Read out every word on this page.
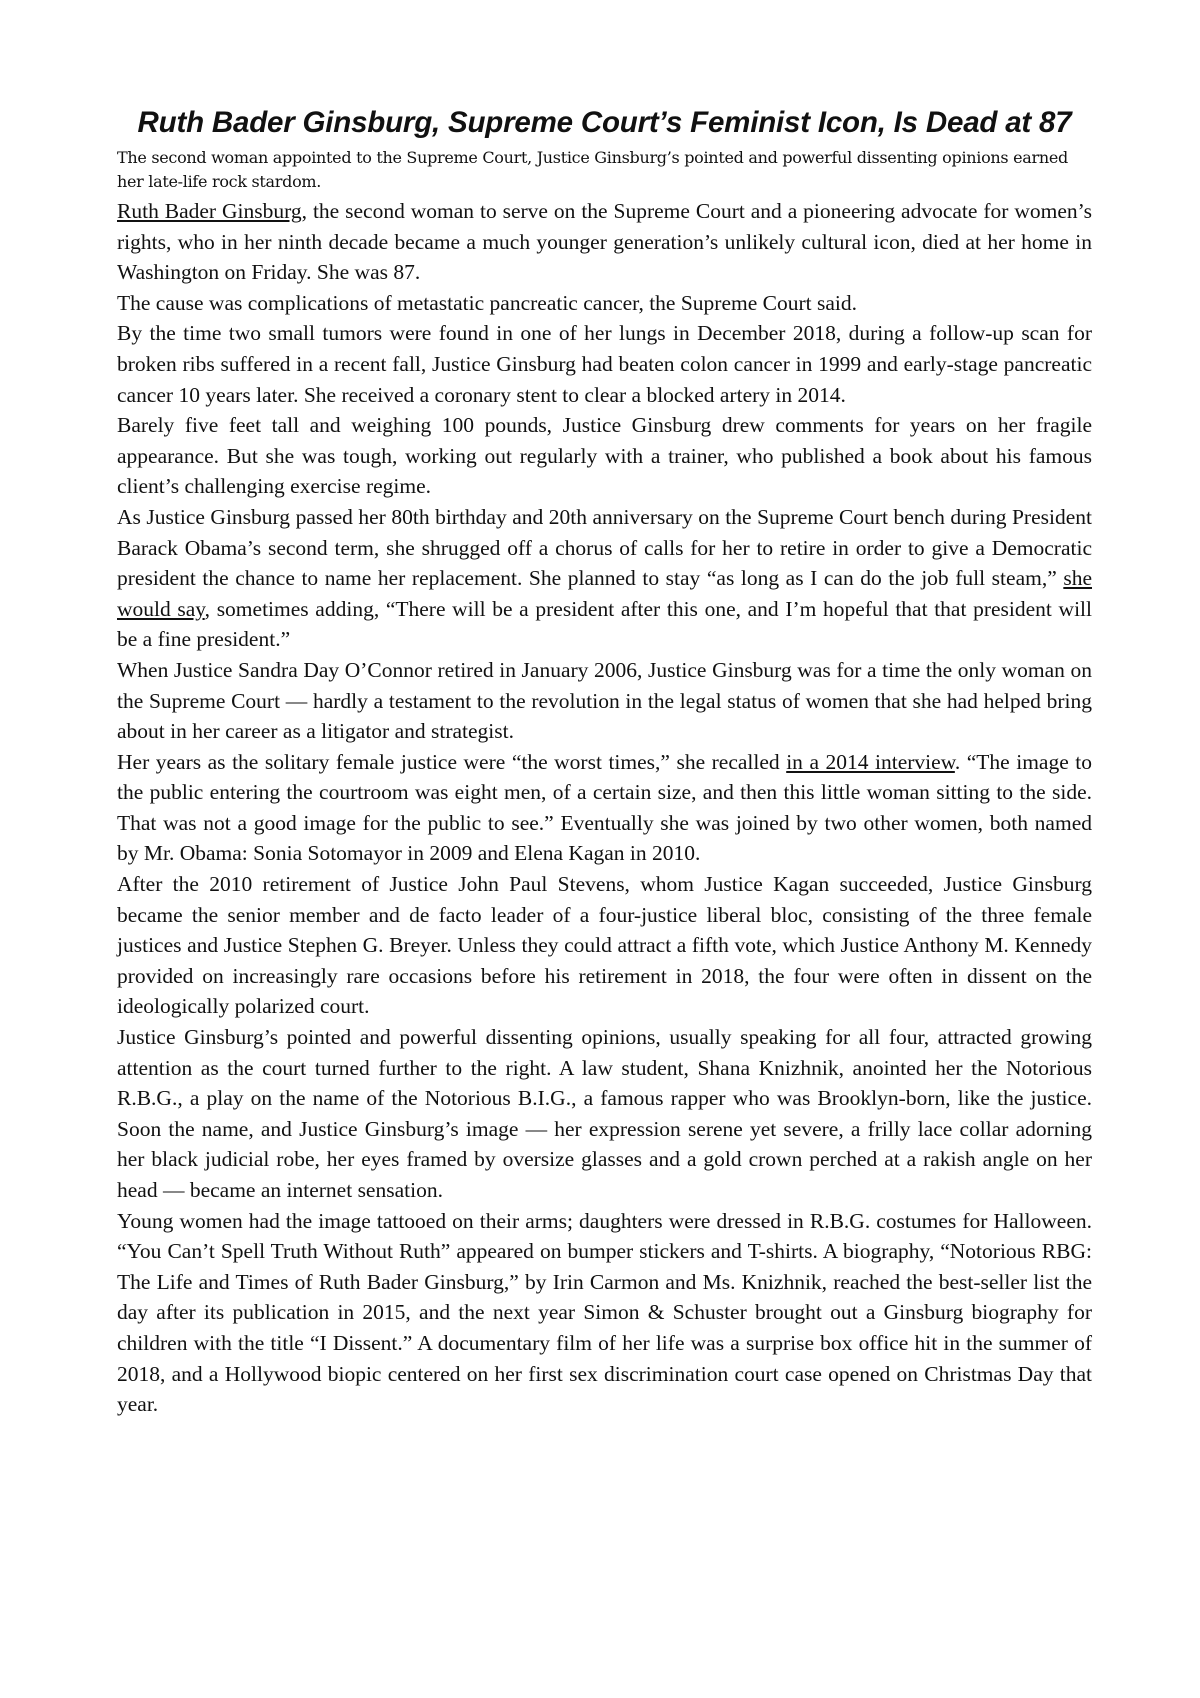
Ruth Bader Ginsburg, Supreme Court’s Feminist Icon, Is Dead at 87
The second woman appointed to the Supreme Court, Justice Ginsburg’s pointed and powerful dissenting opinions earned her late-life rock stardom.

Ruth Bader Ginsburg, the second woman to serve on the Supreme Court and a pioneering advocate for women’s rights, who in her ninth decade became a much younger generation’s unlikely cultural icon, died at her home in Washington on Friday. She was 87.

The cause was complications of metastatic pancreatic cancer, the Supreme Court said.

By the time two small tumors were found in one of her lungs in December 2018, during a follow-up scan for broken ribs suffered in a recent fall, Justice Ginsburg had beaten colon cancer in 1999 and early-stage pancreatic cancer 10 years later. She received a coronary stent to clear a blocked artery in 2014.

Barely five feet tall and weighing 100 pounds, Justice Ginsburg drew comments for years on her fragile appearance. But she was tough, working out regularly with a trainer, who published a book about his famous client’s challenging exercise regime.

As Justice Ginsburg passed her 80th birthday and 20th anniversary on the Supreme Court bench during President Barack Obama’s second term, she shrugged off a chorus of calls for her to retire in order to give a Democratic president the chance to name her replacement. She planned to stay “as long as I can do the job full steam,” she would say, sometimes adding, “There will be a president after this one, and I’m hopeful that that president will be a fine president.”

When Justice Sandra Day O’Connor retired in January 2006, Justice Ginsburg was for a time the only woman on the Supreme Court — hardly a testament to the revolution in the legal status of women that she had helped bring about in her career as a litigator and strategist.

Her years as the solitary female justice were “the worst times,” she recalled in a 2014 interview. “The image to the public entering the courtroom was eight men, of a certain size, and then this little woman sitting to the side. That was not a good image for the public to see.” Eventually she was joined by two other women, both named by Mr. Obama: Sonia Sotomayor in 2009 and Elena Kagan in 2010.

After the 2010 retirement of Justice John Paul Stevens, whom Justice Kagan succeeded, Justice Ginsburg became the senior member and de facto leader of a four-justice liberal bloc, consisting of the three female justices and Justice Stephen G. Breyer. Unless they could attract a fifth vote, which Justice Anthony M. Kennedy provided on increasingly rare occasions before his retirement in 2018, the four were often in dissent on the ideologically polarized court.

Justice Ginsburg’s pointed and powerful dissenting opinions, usually speaking for all four, attracted growing attention as the court turned further to the right. A law student, Shana Knizhnik, anointed her the Notorious R.B.G., a play on the name of the Notorious B.I.G., a famous rapper who was Brooklyn-born, like the justice. Soon the name, and Justice Ginsburg’s image — her expression serene yet severe, a frilly lace collar adorning her black judicial robe, her eyes framed by oversize glasses and a gold crown perched at a rakish angle on her head — became an internet sensation.

Young women had the image tattooed on their arms; daughters were dressed in R.B.G. costumes for Halloween. “You Can’t Spell Truth Without Ruth” appeared on bumper stickers and T-shirts. A biography, “Notorious RBG: The Life and Times of Ruth Bader Ginsburg,” by Irin Carmon and Ms. Knizhnik, reached the best-seller list the day after its publication in 2015, and the next year Simon & Schuster brought out a Ginsburg biography for children with the title “I Dissent.” A documentary film of her life was a surprise box office hit in the summer of 2018, and a Hollywood biopic centered on her first sex discrimination court case opened on Christmas Day that year.
